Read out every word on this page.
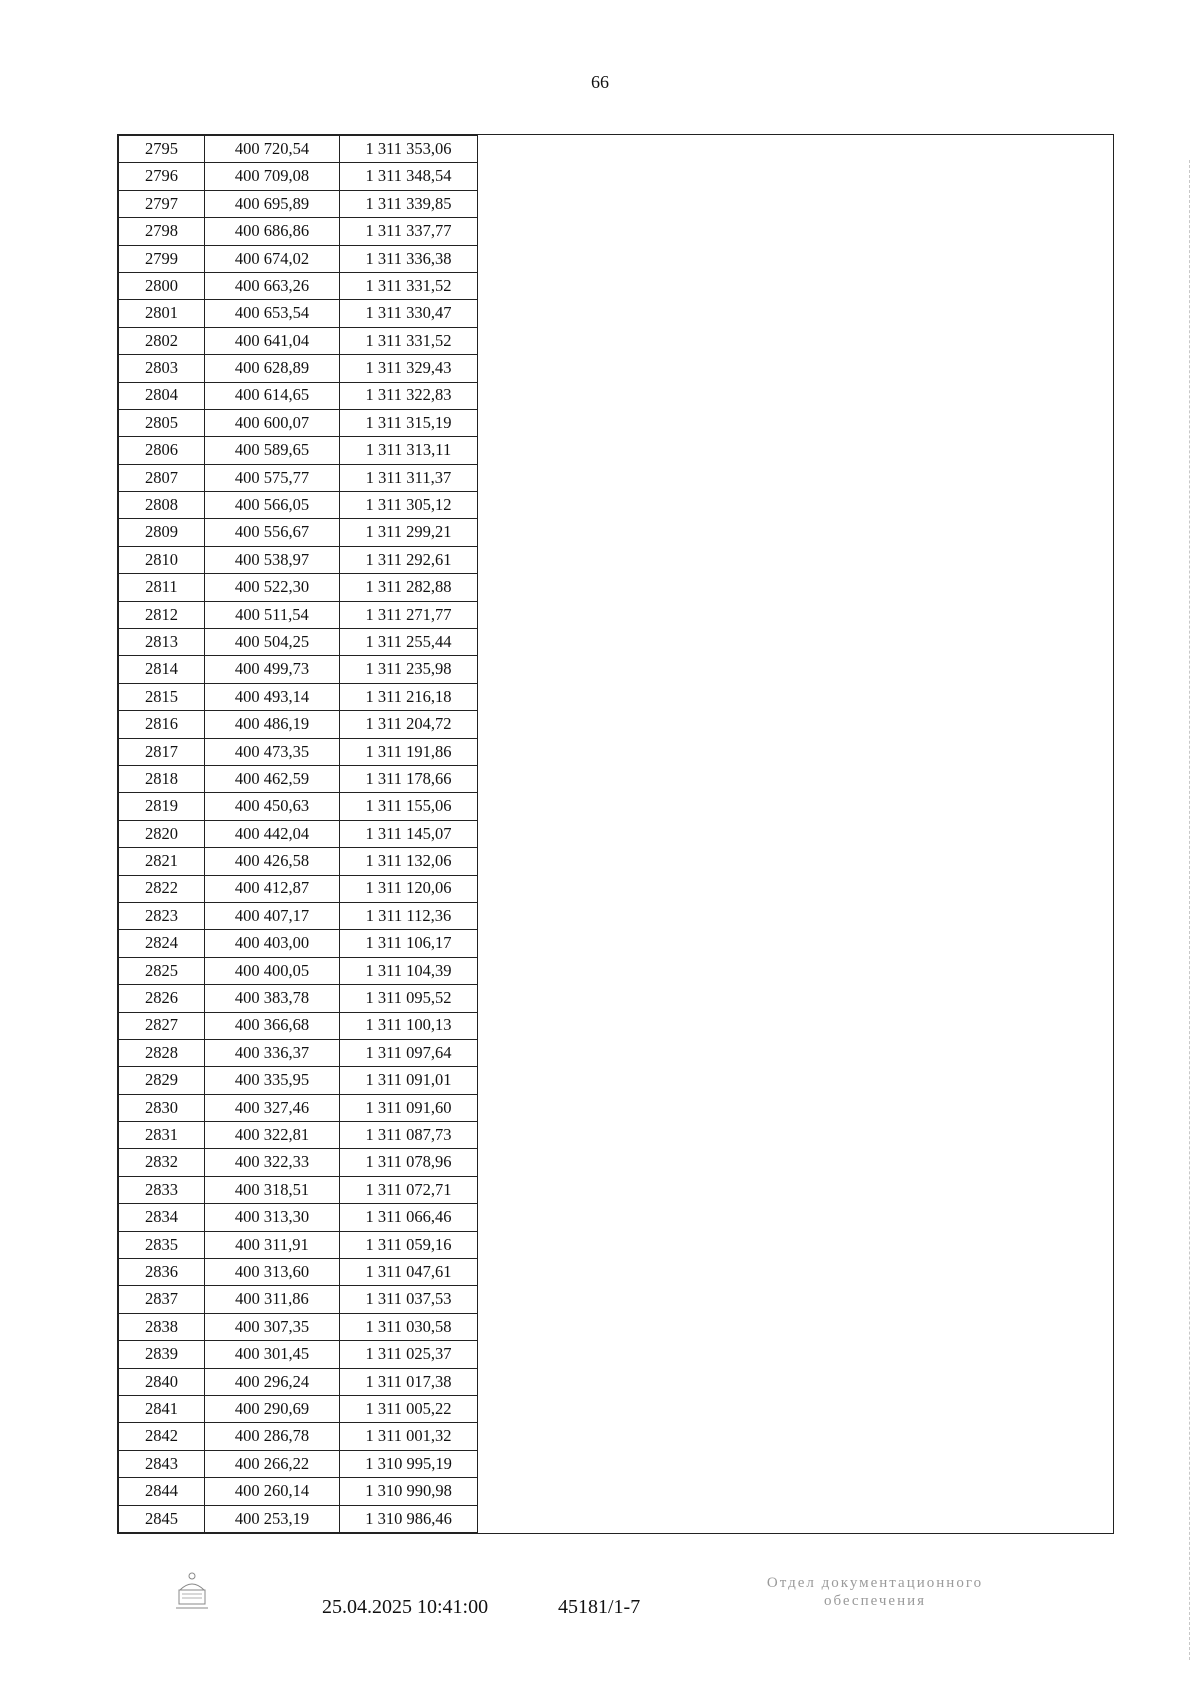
66
2795	400 720,54	1 311 353,06	
2796	400 709,08	1 311 348,54	
2797	400 695,89	1 311 339,85	
2798	400 686,86	1 311 337,77	
2799	400 674,02	1 311 336,38	
2800	400 663,26	1 311 331,52	
2801	400 653,54	1 311 330,47	
2802	400 641,04	1 311 331,52	
2803	400 628,89	1 311 329,43	
2804	400 614,65	1 311 322,83	
2805	400 600,07	1 311 315,19	
2806	400 589,65	1 311 313,11	
2807	400 575,77	1 311 311,37	
2808	400 566,05	1 311 305,12	
2809	400 556,67	1 311 299,21	
2810	400 538,97	1 311 292,61	
2811	400 522,30	1 311 282,88	
2812	400 511,54	1 311 271,77	
2813	400 504,25	1 311 255,44	
2814	400 499,73	1 311 235,98	
2815	400 493,14	1 311 216,18	
2816	400 486,19	1 311 204,72	
2817	400 473,35	1 311 191,86	
2818	400 462,59	1 311 178,66	
2819	400 450,63	1 311 155,06	
2820	400 442,04	1 311 145,07	
2821	400 426,58	1 311 132,06	
2822	400 412,87	1 311 120,06	
2823	400 407,17	1 311 112,36	
2824	400 403,00	1 311 106,17	
2825	400 400,05	1 311 104,39	
2826	400 383,78	1 311 095,52	
2827	400 366,68	1 311 100,13	
2828	400 336,37	1 311 097,64	
2829	400 335,95	1 311 091,01	
2830	400 327,46	1 311 091,60	
2831	400 322,81	1 311 087,73	
2832	400 322,33	1 311 078,96	
2833	400 318,51	1 311 072,71	
2834	400 313,30	1 311 066,46	
2835	400 311,91	1 311 059,16	
2836	400 313,60	1 311 047,61	
2837	400 311,86	1 311 037,53	
2838	400 307,35	1 311 030,58	
2839	400 301,45	1 311 025,37	
2840	400 296,24	1 311 017,38	
2841	400 290,69	1 311 005,22	
2842	400 286,78	1 311 001,32	
2843	400 266,22	1 310 995,19	
2844	400 260,14	1 310 990,98	
2845	400 253,19	1 310 986,46	
25.04.2025 10:41:00	45181/1-7
Отдел документационного
обеспечения
